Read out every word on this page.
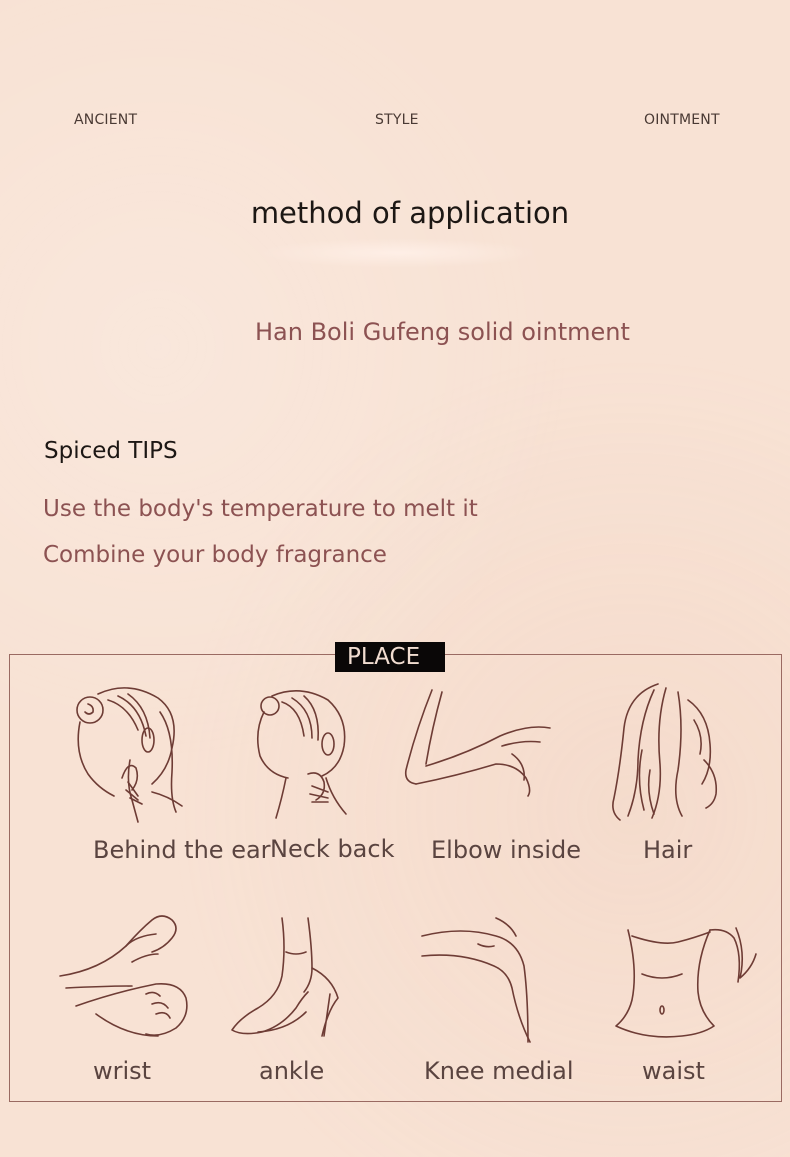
ANCIENT	STYLE	OINTMENT
method of application
Han Boli Gufeng solid ointment
Spiced TIPS
Use the body's temperature to melt it
Combine your body fragrance
PLACE
Behind the ear Neck back Elbow inside	Hair
wrist	ankle	Knee medial	waist
